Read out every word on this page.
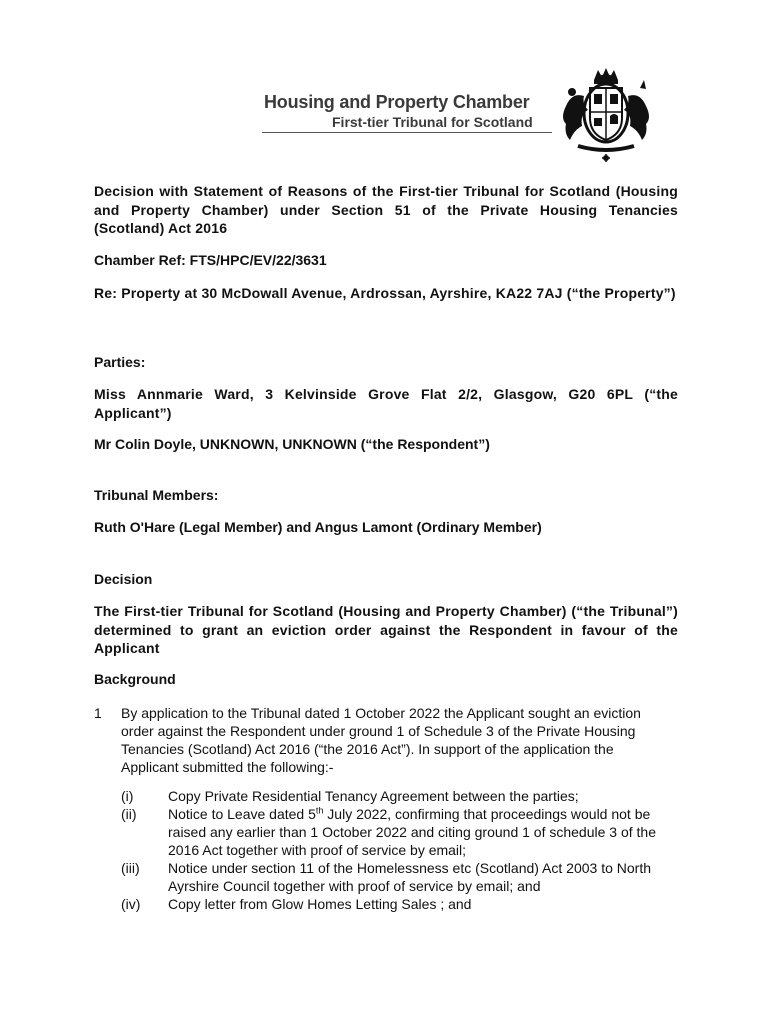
Housing and Property Chamber
First-tier Tribunal for Scotland

Decision with Statement of Reasons of the First-tier Tribunal for Scotland (Housing and Property Chamber) under Section 51 of the Private Housing Tenancies (Scotland) Act 2016

Chamber Ref: FTS/HPC/EV/22/3631

Re: Property at 30 McDowall Avenue, Ardrossan, Ayrshire, KA22 7AJ (“the Property”)

Parties:

Miss Annmarie Ward, 3 Kelvinside Grove Flat 2/2, Glasgow, G20 6PL (“the Applicant”)

Mr Colin Doyle, UNKNOWN, UNKNOWN (“the Respondent”)

Tribunal Members:

Ruth O'Hare (Legal Member) and Angus Lamont (Ordinary Member)

Decision

The First-tier Tribunal for Scotland (Housing and Property Chamber) (“the Tribunal”) determined to grant an eviction order against the Respondent in favour of the Applicant

Background

1 By application to the Tribunal dated 1 October 2022 the Applicant sought an eviction order against the Respondent under ground 1 of Schedule 3 of the Private Housing Tenancies (Scotland) Act 2016 (“the 2016 Act”). In support of the application the Applicant submitted the following:-
(i) Copy Private Residential Tenancy Agreement between the parties;
(ii) Notice to Leave dated 5th July 2022, confirming that proceedings would not be raised any earlier than 1 October 2022 and citing ground 1 of schedule 3 of the 2016 Act together with proof of service by email;
(iii) Notice under section 11 of the Homelessness etc (Scotland) Act 2003 to North Ayrshire Council together with proof of service by email; and
(iv) Copy letter from Glow Homes Letting Sales ; and
